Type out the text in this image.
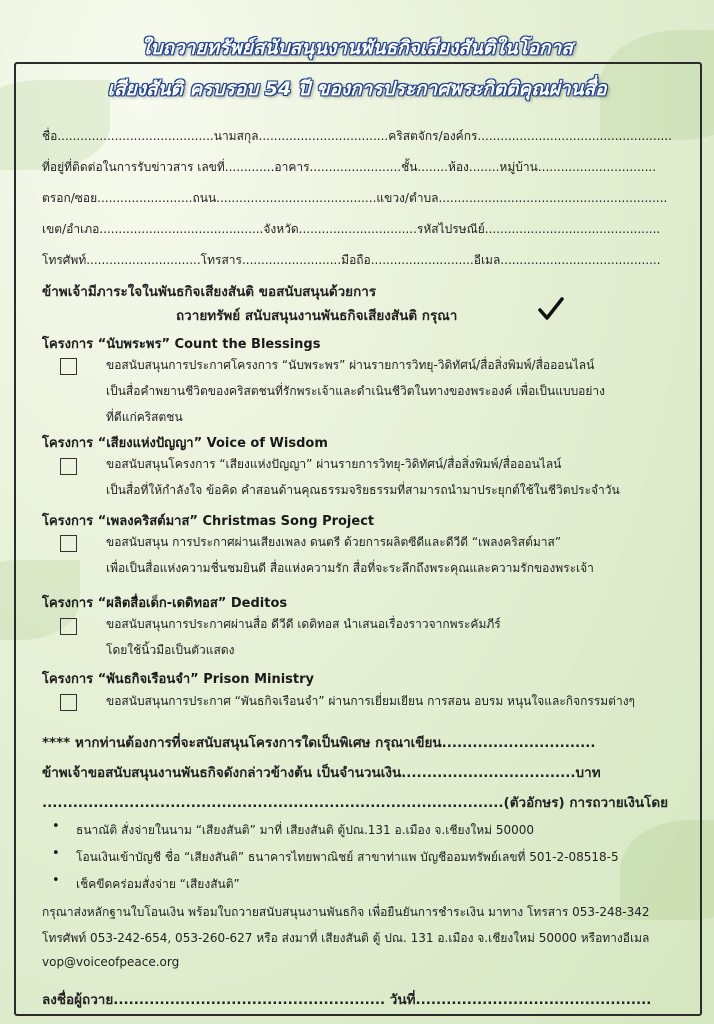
ใบถวายทรัพย์สนับสนุนงานพันธกิจเสียงสันติในโอกาส
เสียงสันติ ครบรอบ 54 ปี ของการประกาศพระกิตติคุณผ่านสื่อ
ชื่อ.........................................นามสกุล..................................คริสตจักร/องค์กร...................................................
ที่อยู่ที่ติดต่อในการรับข่าวสาร เลขที่.............อาคาร........................ชั้น........ห้อง........หมู่บ้าน...............................
ตรอก/ซอย.........................ถนน..........................................แขวง/ตำบล............................................................
เขต/อำเภอ...........................................จังหวัด...............................รหัสไปรษณีย์..............................................
โทรศัพท์..............................โทรสาร..........................มือถือ...........................อีเมล..........................................
ข้าพเจ้ามีภาระใจในพันธกิจเสียงสันติ ขอสนับสนุนด้วยการ
ถวายทรัพย์ สนับสนุนงานพันธกิจเสียงสันติ กรุณา
โครงการ “นับพระพร” Count the Blessings
ขอสนับสนุนการประกาศโครงการ “นับพระพร” ผ่านรายการวิทยุ-วิดิทัศน์/สื่อสิ่งพิมพ์/สื่อออนไลน์
เป็นสื่อคำพยานชีวิตของคริสตชนที่รักพระเจ้าและดำเนินชีวิตในทางของพระองค์ เพื่อเป็นแบบอย่าง
ที่ดีแก่คริสตชน
โครงการ “เสียงแห่งปัญญา” Voice of Wisdom
ขอสนับสนุนโครงการ “เสียงแห่งปัญญา” ผ่านรายการวิทยุ-วิดิทัศน์/สื่อสิ่งพิมพ์/สื่อออนไลน์
เป็นสื่อที่ให้กำลังใจ ข้อคิด คำสอนด้านคุณธรรมจริยธรรมที่สามารถนำมาประยุกต์ใช้ในชีวิตประจำวัน
โครงการ “เพลงคริสต์มาส” Christmas Song Project
ขอสนับสนุน การประกาศผ่านเสียงเพลง ดนตรี ด้วยการผลิตซีดีและดีวีดี “เพลงคริสต์มาส”
เพื่อเป็นสื่อแห่งความชื่นชมยินดี สื่อแห่งความรัก สื่อที่จะระลึกถึงพระคุณและความรักของพระเจ้า
โครงการ “ผลิตสื่อเด็ก-เดดิทอส” Deditos
ขอสนับสนุนการประกาศผ่านสื่อ ดีวีดี เดดิทอส นำเสนอเรื่องราวจากพระคัมภีร์
โดยใช้นิ้วมือเป็นตัวแสดง
โครงการ “พันธกิจเรือนจำ” Prison Ministry
ขอสนับสนุนการประกาศ “พันธกิจเรือนจำ” ผ่านการเยี่ยมเยียน การสอน อบรม หนุนใจและกิจกรรมต่างๆ
**** หากท่านต้องการที่จะสนับสนุนโครงการใดเป็นพิเศษ กรุณาเขียน..............................
ข้าพเจ้าขอสนับสนุนงานพันธกิจดังกล่าวข้างต้น เป็นจำนวนเงิน..................................บาท
..........................................................................................(ตัวอักษร) การถวายเงินโดย
• ธนาณัติ สั่งจ่ายในนาม “เสียงสันติ” มาที่ เสียงสันติ ตู้ปณ.131 อ.เมือง จ.เชียงใหม่ 50000
• โอนเงินเข้าบัญชี ชื่อ “เสียงสันติ” ธนาคารไทยพาณิชย์ สาขาท่าแพ บัญชีออมทรัพย์เลขที่ 501-2-08518-5
• เช็คขีดคร่อมสั่งจ่าย “เสียงสันติ”
กรุณาส่งหลักฐานใบโอนเงิน พร้อมใบถวายสนับสนุนงานพันธกิจ เพื่อยืนยันการชำระเงิน มาทาง โทรสาร 053-248-342
โทรศัพท์ 053-242-654, 053-260-627 หรือ ส่งมาที่ เสียงสันติ ตู้ ปณ. 131 อ.เมือง จ.เชียงใหม่ 50000 หรือทางอีเมล
vop@voiceofpeace.org
ลงชื่อผู้ถวาย..................................................... วันที่..............................................
